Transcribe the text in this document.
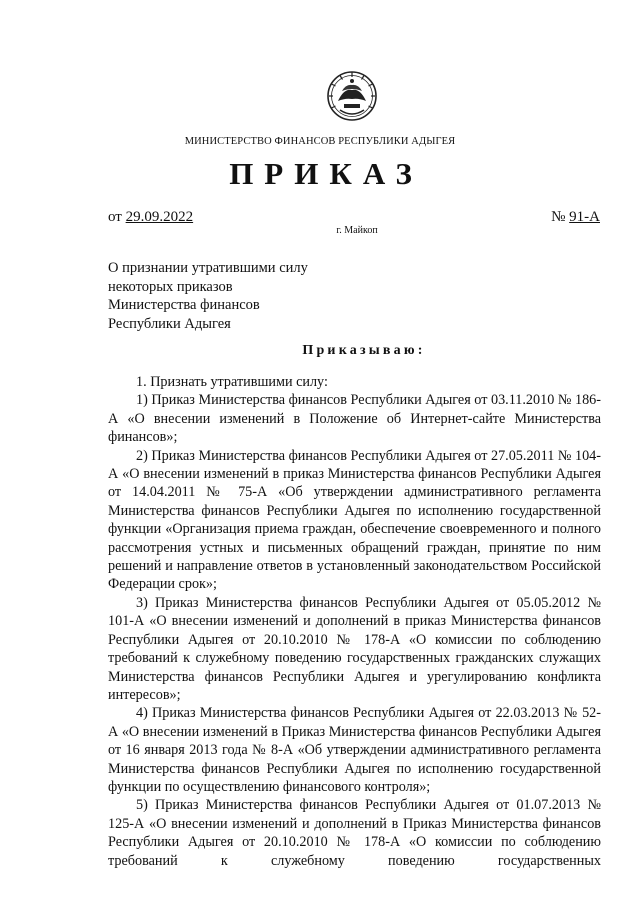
МИНИСТЕРСТВО ФИНАНСОВ РЕСПУБЛИКИ АДЫГЕЯ
ПРИКАЗ
от 29.09.2022	№ 91-А
г. Майкоп
О признании утратившими силу
некоторых приказов
Министерства финансов
Республики Адыгея
Приказываю:

1. Признать утратившими силу:

1) Приказ Министерства финансов Республики Адыгея от 03.11.2010 № 186-А «О внесении изменений в Положение об Интернет-сайте Министерства финансов»;

2) Приказ Министерства финансов Республики Адыгея от 27.05.2011 № 104-А «О внесении изменений в приказ Министерства финансов Республики Адыгея от 14.04.2011 № 75-А «Об утверждении административного регламента Министерства финансов Республики Адыгея по исполнению государственной функции «Организация приема граждан, обеспечение своевременного и полного рассмотрения устных и письменных обращений граждан, принятие по ним решений и направление ответов в установленный законодательством Российской Федерации срок»;

3) Приказ Министерства финансов Республики Адыгея от 05.05.2012 № 101-А «О внесении изменений и дополнений в приказ Министерства финансов Республики Адыгея от 20.10.2010 № 178-А «О комиссии по соблюдению требований к служебному поведению государственных гражданских служащих Министерства финансов Республики Адыгея и урегулированию конфликта интересов»;

4) Приказ Министерства финансов Республики Адыгея от 22.03.2013 № 52-А «О внесении изменений в Приказ Министерства финансов Республики Адыгея от 16 января 2013 года № 8-А «Об утверждении административного регламента Министерства финансов Республики Адыгея по исполнению государственной функции по осуществлению финансового контроля»;

5) Приказ Министерства финансов Республики Адыгея от 01.07.2013 № 125-А «О внесении изменений и дополнений в Приказ Министерства финансов Республики Адыгея от 20.10.2010 № 178-А «О комиссии по соблюдению требований к служебному поведению государственных
